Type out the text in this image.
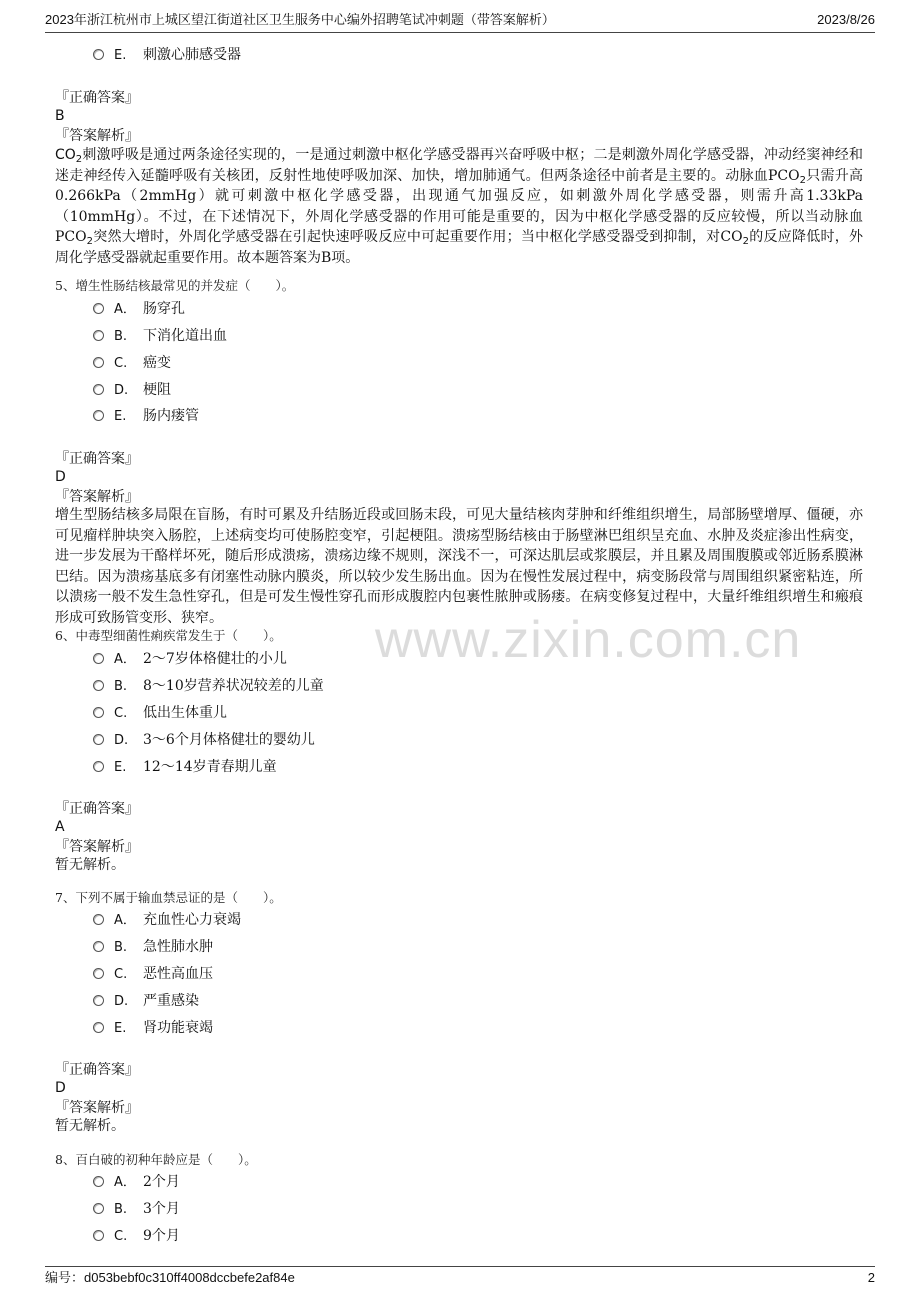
2023年浙江杭州市上城区望江街道社区卫生服务中心编外招聘笔试冲刺题（带答案解析）	2023/8/26
www.zixin.com.cn
E. 刺激心肺感受器
『正确答案』
B
『答案解析』
$CO_2$刺激呼吸是通过两条途径实现的，一是通过刺激中枢化学感受器再兴奋呼吸中枢；二是刺激外周化学感受器，冲动经窦神经和迷走神经传入延髓呼吸有关核团，反射性地使呼吸加深、加快，增加肺通气。但两条途径中前者是主要的。动脉血$PCO_2$只需升高0.266kPa（2mmHg）就可刺激中枢化学感受器，出现通气加强反应，如刺激外周化学感受器，则需升高1.33kPa（10mmHg）。不过，在下述情况下，外周化学感受器的作用可能是重要的，因为中枢化学感受器的反应较慢，所以当动脉血$PCO_2$突然大增时，外周化学感受器在引起快速呼吸反应中可起重要作用；当中枢化学感受器受到抑制，对$CO_2$的反应降低时，外周化学感受器就起重要作用。故本题答案为B项。
5、增生性肠结核最常见的并发症（　　）。
A． 肠穿孔
B. 下消化道出血
C. 癌变
D. 梗阻
E. 肠内瘘管
『正确答案』
D
『答案解析』
增生型肠结核多局限在盲肠，有时可累及升结肠近段或回肠末段，可见大量结核肉芽肿和纤维组织增生，局部肠壁增厚、僵硬，亦可见瘤样肿块突入肠腔，上述病变均可使肠腔变窄，引起梗阻。溃疡型肠结核由于肠壁淋巴组织呈充血、水肿及炎症渗出性病变，进一步发展为干酪样坏死，随后形成溃疡，溃疡边缘不规则，深浅不一，可深达肌层或浆膜层，并且累及周围腹膜或邻近肠系膜淋巴结。因为溃疡基底多有闭塞性动脉内膜炎，所以较少发生肠出血。因为在慢性发展过程中，病变肠段常与周围组织紧密粘连，所以溃疡一般不发生急性穿孔，但是可发生慢性穿孔而形成腹腔内包裹性脓肿或肠瘘。在病变修复过程中，大量纤维组织增生和瘢痕形成可致肠管变形、狭窄。
6、中毒型细菌性痢疾常发生于（　　）。
A． 2～7岁体格健壮的小儿
B. 8～10岁营养状况较差的儿童
C. 低出生体重儿
D. 3～6个月体格健壮的婴幼儿
E. 12～14岁青春期儿童
『正确答案』
A
『答案解析』
暂无解析。
7、下列不属于输血禁忌证的是（　　）。
A． 充血性心力衰竭
B. 急性肺水肿
C. 恶性高血压
D. 严重感染
E. 肾功能衰竭
『正确答案』
D
『答案解析』
暂无解析。
8、百白破的初种年龄应是（　　）。
A． 2个月
B. 3个月
C. 9个月
编号：d053bebf0c310ff4008dccbefe2af84e	2
